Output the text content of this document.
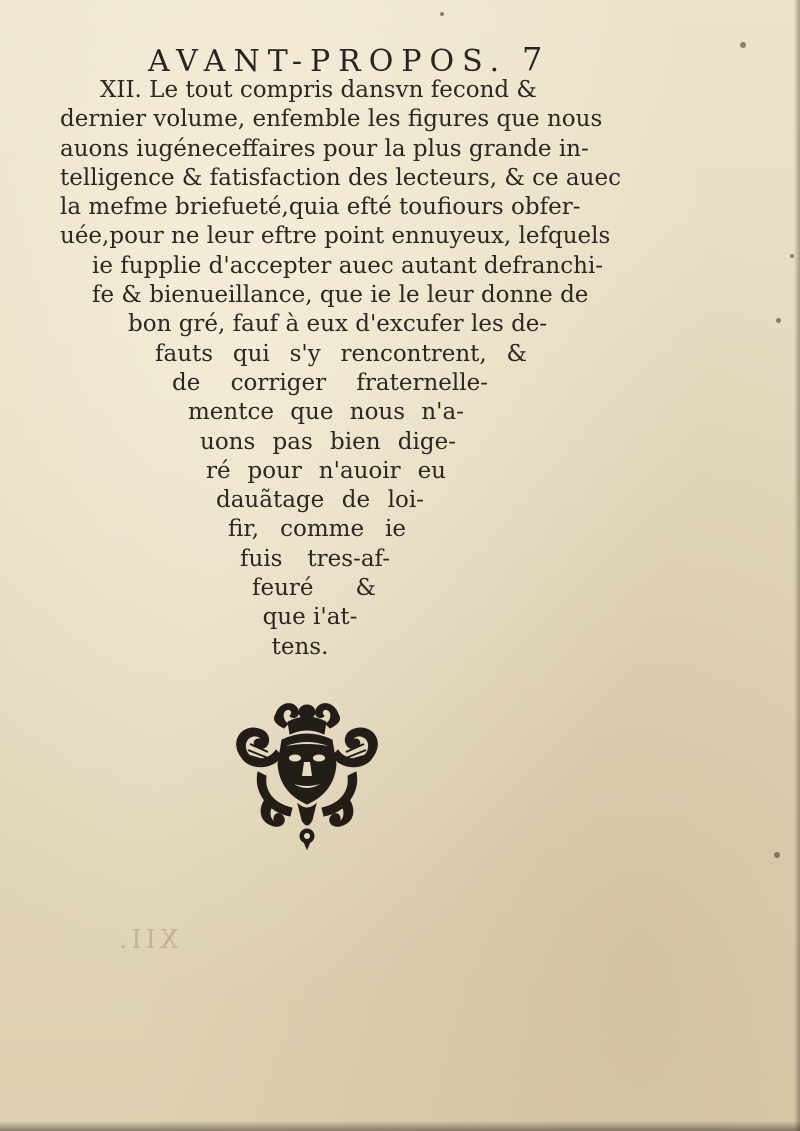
AVANT-PROPOS. 7
XII. Le tout compris dansvn fecond &
dernier volume, enfemble les figures que nous
auons iugéneceffaires pour la plus grande in-
telligence & fatisfaction des lecteurs, & ce auec
la mefme briefueté,quia efté toufiours obfer-
uée,pour ne leur eftre point ennuyeux, lefquels
ie fupplie d'accepter auec autant defranchi-
fe & bienueillance, que ie le leur donne de
bon gré, fauf à eux d'excufer les de-
fauts qui s'y rencontrent, &
de corriger fraternelle-
mentce que nous n'a-
uons pas bien dige-
ré pour n'auoir eu
dauãtage de loi-
fir, comme ie
fuis tres-af-
feuré &
que i'at-
tens.
XII.
